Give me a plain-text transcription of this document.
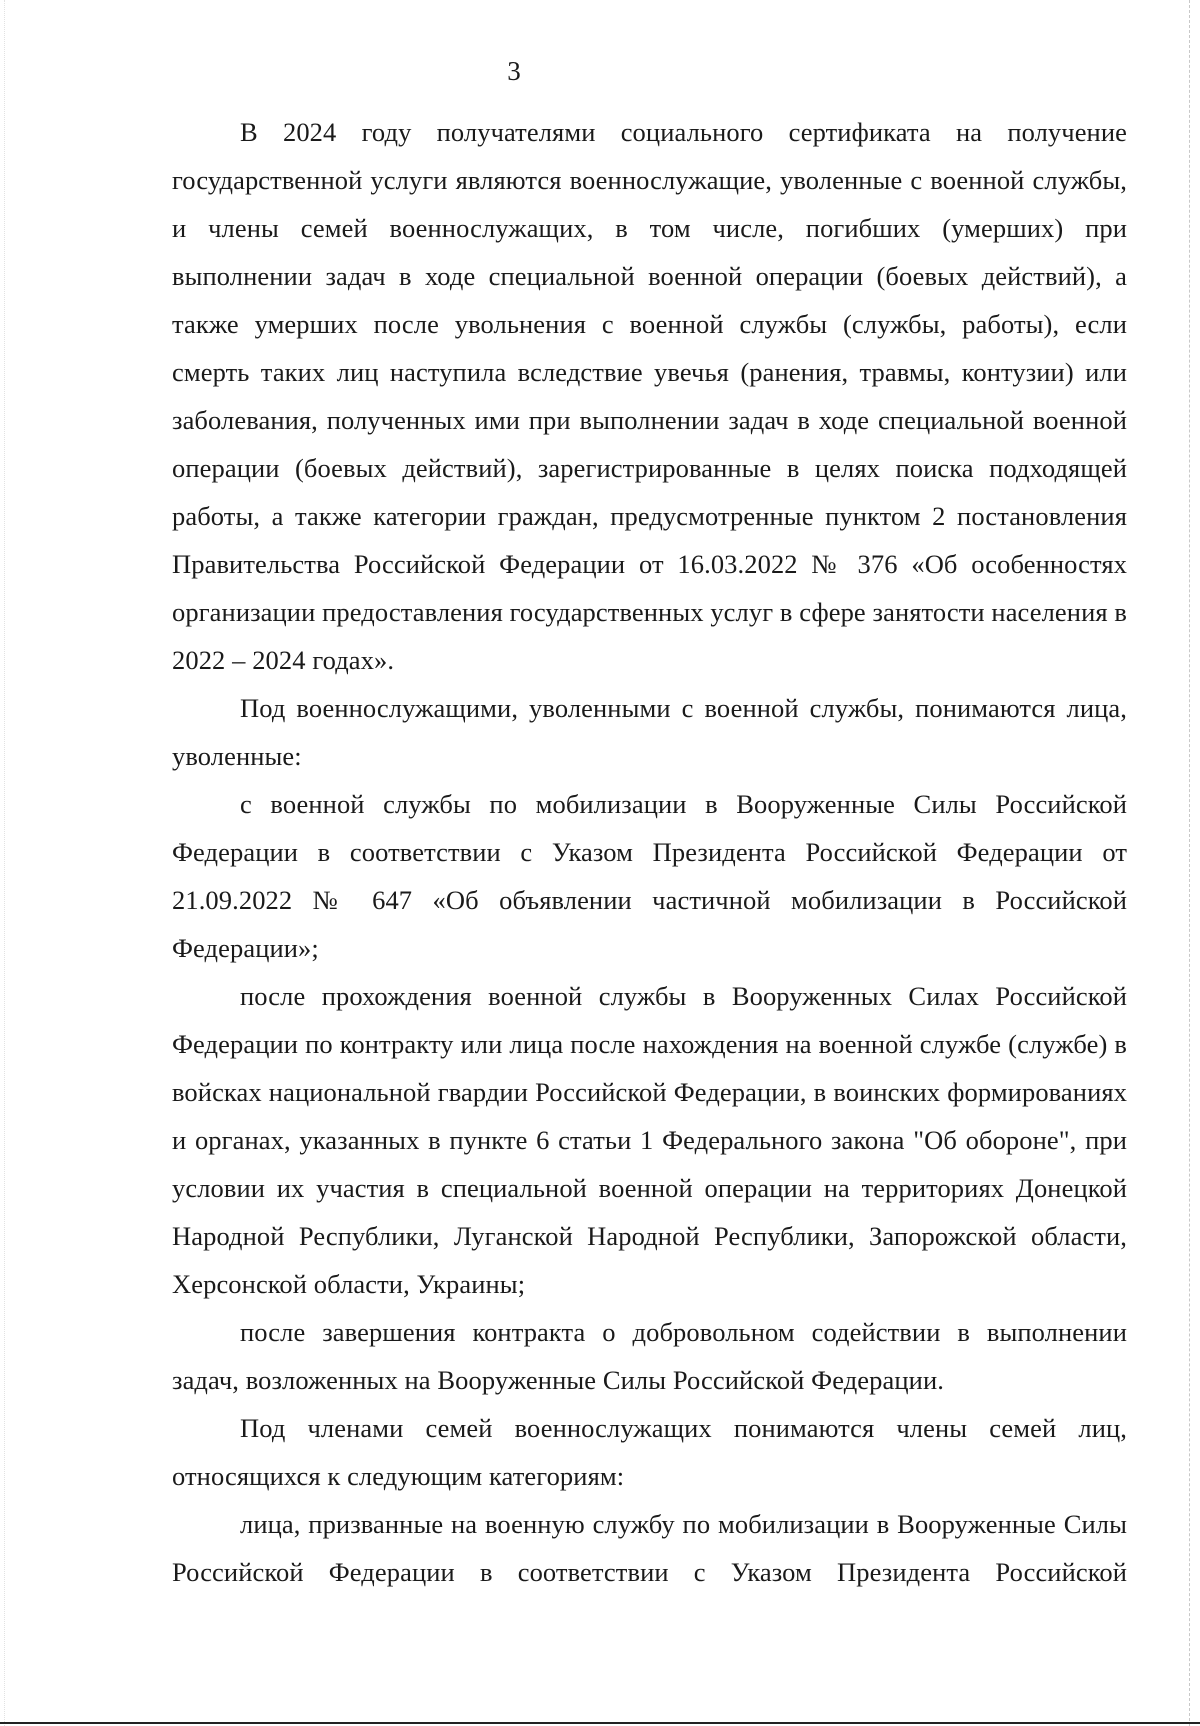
3

В 2024 году получателями социального сертификата на получение государственной услуги являются военнослужащие, уволенные с военной службы, и члены семей военнослужащих, в том числе, погибших (умерших) при выполнении задач в ходе специальной военной операции (боевых действий), а также умерших после увольнения с военной службы (службы, работы), если смерть таких лиц наступила вследствие увечья (ранения, травмы, контузии) или заболевания, полученных ими при выполнении задач в ходе специальной военной операции (боевых действий), зарегистрированные в целях поиска подходящей работы, а также категории граждан, предусмотренные пунктом 2 постановления Правительства Российской Федерации от 16.03.2022 № 376 «Об особенностях организации предоставления государственных услуг в сфере занятости населения в 2022 – 2024 годах».

Под военнослужащими, уволенными с военной службы, понимаются лица, уволенные:

с военной службы по мобилизации в Вооруженные Силы Российской Федерации в соответствии с Указом Президента Российской Федерации от 21.09.2022 № 647 «Об объявлении частичной мобилизации в Российской Федерации»;

после прохождения военной службы в Вооруженных Силах Российской Федерации по контракту или лица после нахождения на военной службе (службе) в войсках национальной гвардии Российской Федерации, в воинских формированиях и органах, указанных в пункте 6 статьи 1 Федерального закона "Об обороне", при условии их участия в специальной военной операции на территориях Донецкой Народной Республики, Луганской Народной Республики, Запорожской области, Херсонской области, Украины;

после завершения контракта о добровольном содействии в выполнении задач, возложенных на Вооруженные Силы Российской Федерации.

Под членами семей военнослужащих понимаются члены семей лиц, относящихся к следующим категориям:

лица, призванные на военную службу по мобилизации в Вооруженные Силы Российской Федерации в соответствии с Указом Президента Российской
